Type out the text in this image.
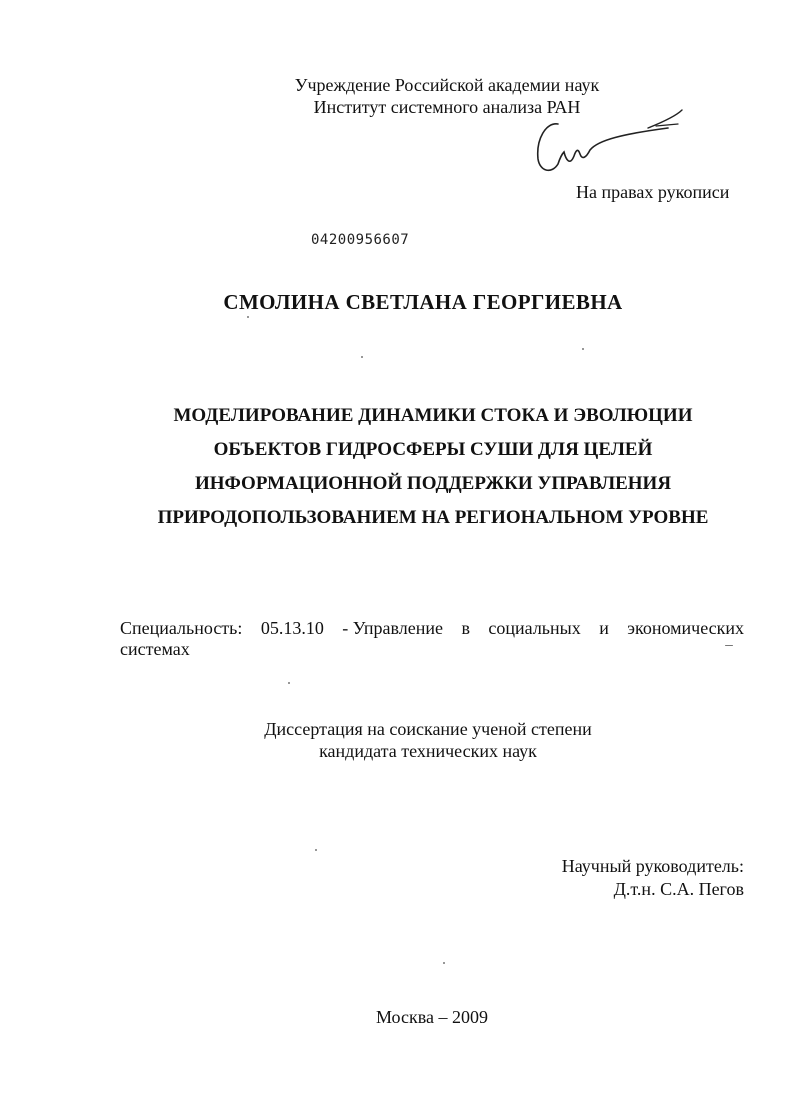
Учреждение Российской академии наук
Институт системного анализа РАН
На правах рукописи
04200956607
СМОЛИНА СВЕТЛАНА ГЕОРГИЕВНА
МОДЕЛИРОВАНИЕ ДИНАМИКИ СТОКА И ЭВОЛЮЦИИ
ОБЪЕКТОВ ГИДРОСФЕРЫ СУШИ ДЛЯ ЦЕЛЕЙ
ИНФОРМАЦИОННОЙ ПОДДЕРЖКИ УПРАВЛЕНИЯ
ПРИРОДОПОЛЬЗОВАНИЕМ НА РЕГИОНАЛЬНОМ УРОВНЕ
Специальность: 05.13.10 - Управление в социальных и экономических
системах
Диссертация на соискание ученой степени
кандидата технических наук
Научный руководитель:
Д.т.н. С.А. Пегов
Москва – 2009
